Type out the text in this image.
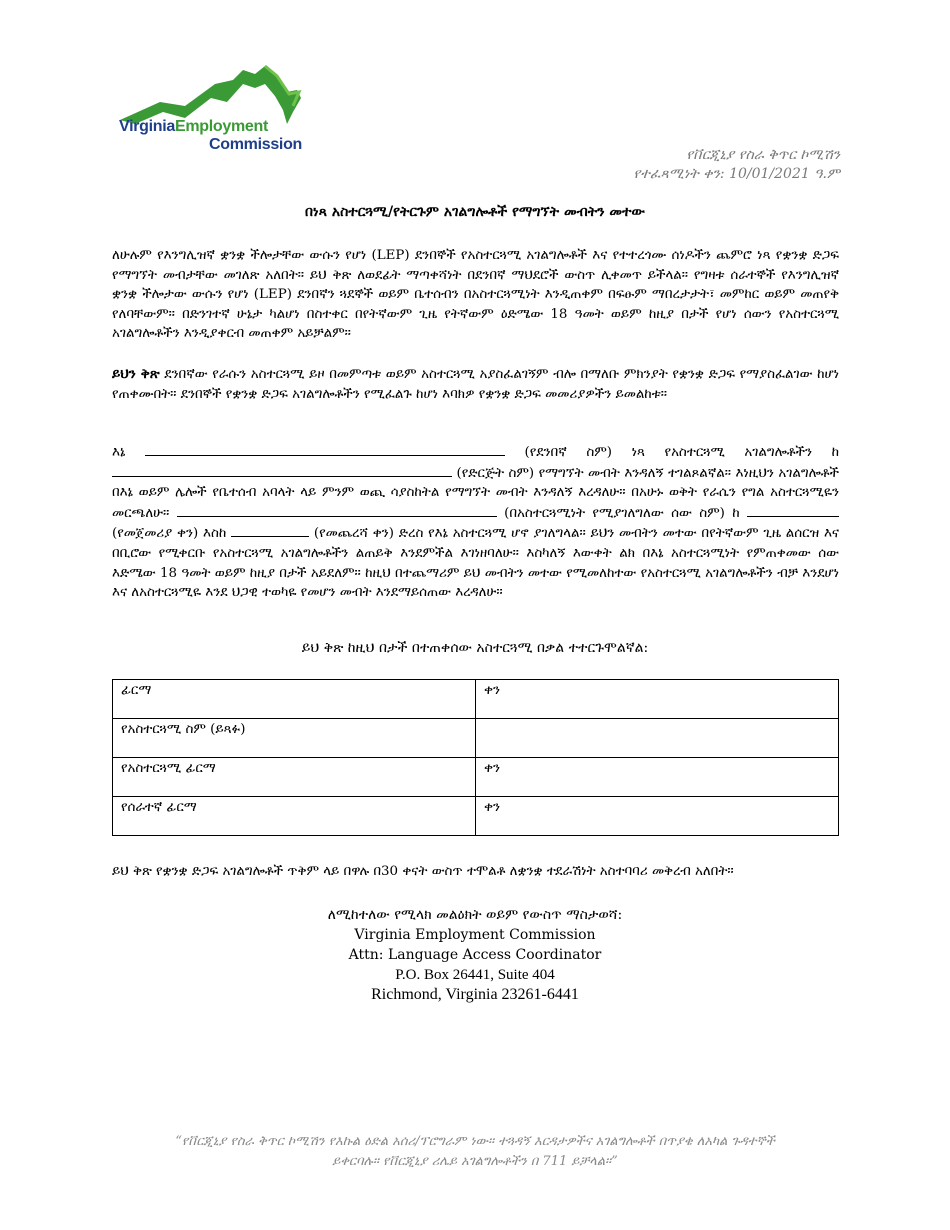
VirginiaEmployment
Commission
የቨርጂኒያ የስራ ቅጥር ኮሚሽን
የተፈጻሚነት ቀን: 10/01/2021 ዓ.ም
በነጻ አስተርጓሚ/የትርጉም አገልግሎቶች የማግኘት መብትን መተው

ለሁሉም የእንግሊዝኛ ቋንቋ ችሎታቸው ውሱን የሆነ (LEP) ደንበኞች የአስተርጓሚ አገልግሎቶች እና የተተረጎሙ ሰነዶችን ጨምሮ ነጻ የቋንቋ ድጋፍ የማግኘት መብታቸው መገለጽ አለበት። ይህ ቅጽ ለወደፊት ማጣቀሻነት በደንበኛ ማህደሮች ውስጥ ሊቀመጥ ይችላል። የግዛቱ ሰራተኞች የእንግሊዝኛ ቋንቋ ችሎታው ውሱን የሆነ (LEP) ደንበኛን ጓደኞች ወይም ቤተሰብን በአስተርጓሚነት እንዲጠቀም በፍፁም ማበረታታት፣ መምከር ወይም መጠየቅ የለባቸውም። በድንገተኛ ሁኔታ ካልሆነ በስተቀር በየትኛውም ጊዜ የትኛውም ዕድሜው 18 ዓመት ወይም ከዚያ በታች የሆነ ሰውን የአስተርጓሚ አገልግሎቶችን እንዲያቀርብ መጠቀም አይቻልም።

ይህን ቅጽ ደንበኛው የራሱን አስተርጓሚ ይዞ በመምጣቱ ወይም አስተርጓሚ አያስፈልገኝም ብሎ በማለቡ ምክንያት የቋንቋ ድጋፍ የማያስፈልገው ከሆነ የጠቀሙበት። ደንበኞች የቋንቋ ድጋፍ አገልግሎቶችን የሚፈልጉ ከሆነ እባክዎ የቋንቋ ድጋፍ መመሪያዎችን ይመልከቱ።

እኔ	(የደንበኛ ስም) ነጻ የአስተርጓሚ አገልግሎቶችን ከ  (የድርጅት ስም) የማግኘት መብት እንዳለኝ ተገልጾልኛል። እነዚህን አገልግሎቶች በእኔ ወይም ሌሎች የቤተሰብ አባላት ላይ ምንም ወጪ ሳያስከትል የማግኘት መብት እንዳለኝ እረዳለሁ። በአሁኑ ወቅት የራሴን የግል አስተርጓሚዬን መርጫለሁ።	(በአስተርጓሚነት የሚያገለግለው ሰው ስም) ከ  (የመጀመሪያ ቀን) እስከ	(የመጨረሻ ቀን) ድረስ የእኔ አስተርጓሚ ሆኖ ያገለግላል። ይህን መብትን መተው በየትኛውም ጊዜ ልሰርዝ እና በቢሮው የሚቀርቡ የአስተርጓሚ አገልግሎቶችን ልጠይቅ እንደምችል እገነዘባለሁ። እስካለኝ እውቀት ልክ በእኔ አስተርጓሚነት የምጠቀመው ሰው እድሜው 18 ዓመት ወይም ከዚያ በታች አይደለም። ከዚህ በተጨማሪም ይህ መብትን መተው የሚመለከተው የአስተርጓሚ አገልግሎቶችን ብቻ እንደሆነ እና ለአስተርጓሚዬ እንደ ህጋዊ ተወካዬ የመሆን መብት እንደማይሰጠው እረዳለሁ።

ይህ ቅጽ ከዚህ በታች በተጠቀሰው አስተርጓሚ በቃል ተተርጉሞልኛል:
ፊርማ	ቀን
የአስተርጓሚ ስም (ይጻፉ)	
የአስተርጓሚ ፊርማ	ቀን
የሰራተኛ ፊርማ	ቀን
ይህ ቅጽ የቋንቋ ድጋፍ አገልግሎቶች ጥቅም ላይ በዋሉ በ30 ቀናት ውስጥ ተሞልቶ ለቋንቋ ተደራሽነት አስተባባሪ መቅረብ አለበት።
ለሚከተለው የሚላክ መልዕክት ወይም የውስጥ ማስታወሻ:
Virginia Employment Commission
Attn: Language Access Coordinator
P.O. Box 26441, Suite 404
Richmond, Virginia 23261-6441
“የቨርጂኒያ የስራ ቅጥር ኮሚሽን የእኩል ዕድል አሰሪ/ፕሮግራም ነው። ተጓዳኝ እርዳታዎችና አገልግሎቶች በጥያቄ ለአካል ጉዳተኞች
ይቀርባሉ። የቨርጂኒያ ሪሌይ አገልግሎቶችን በ 711 ይቻላል።”
